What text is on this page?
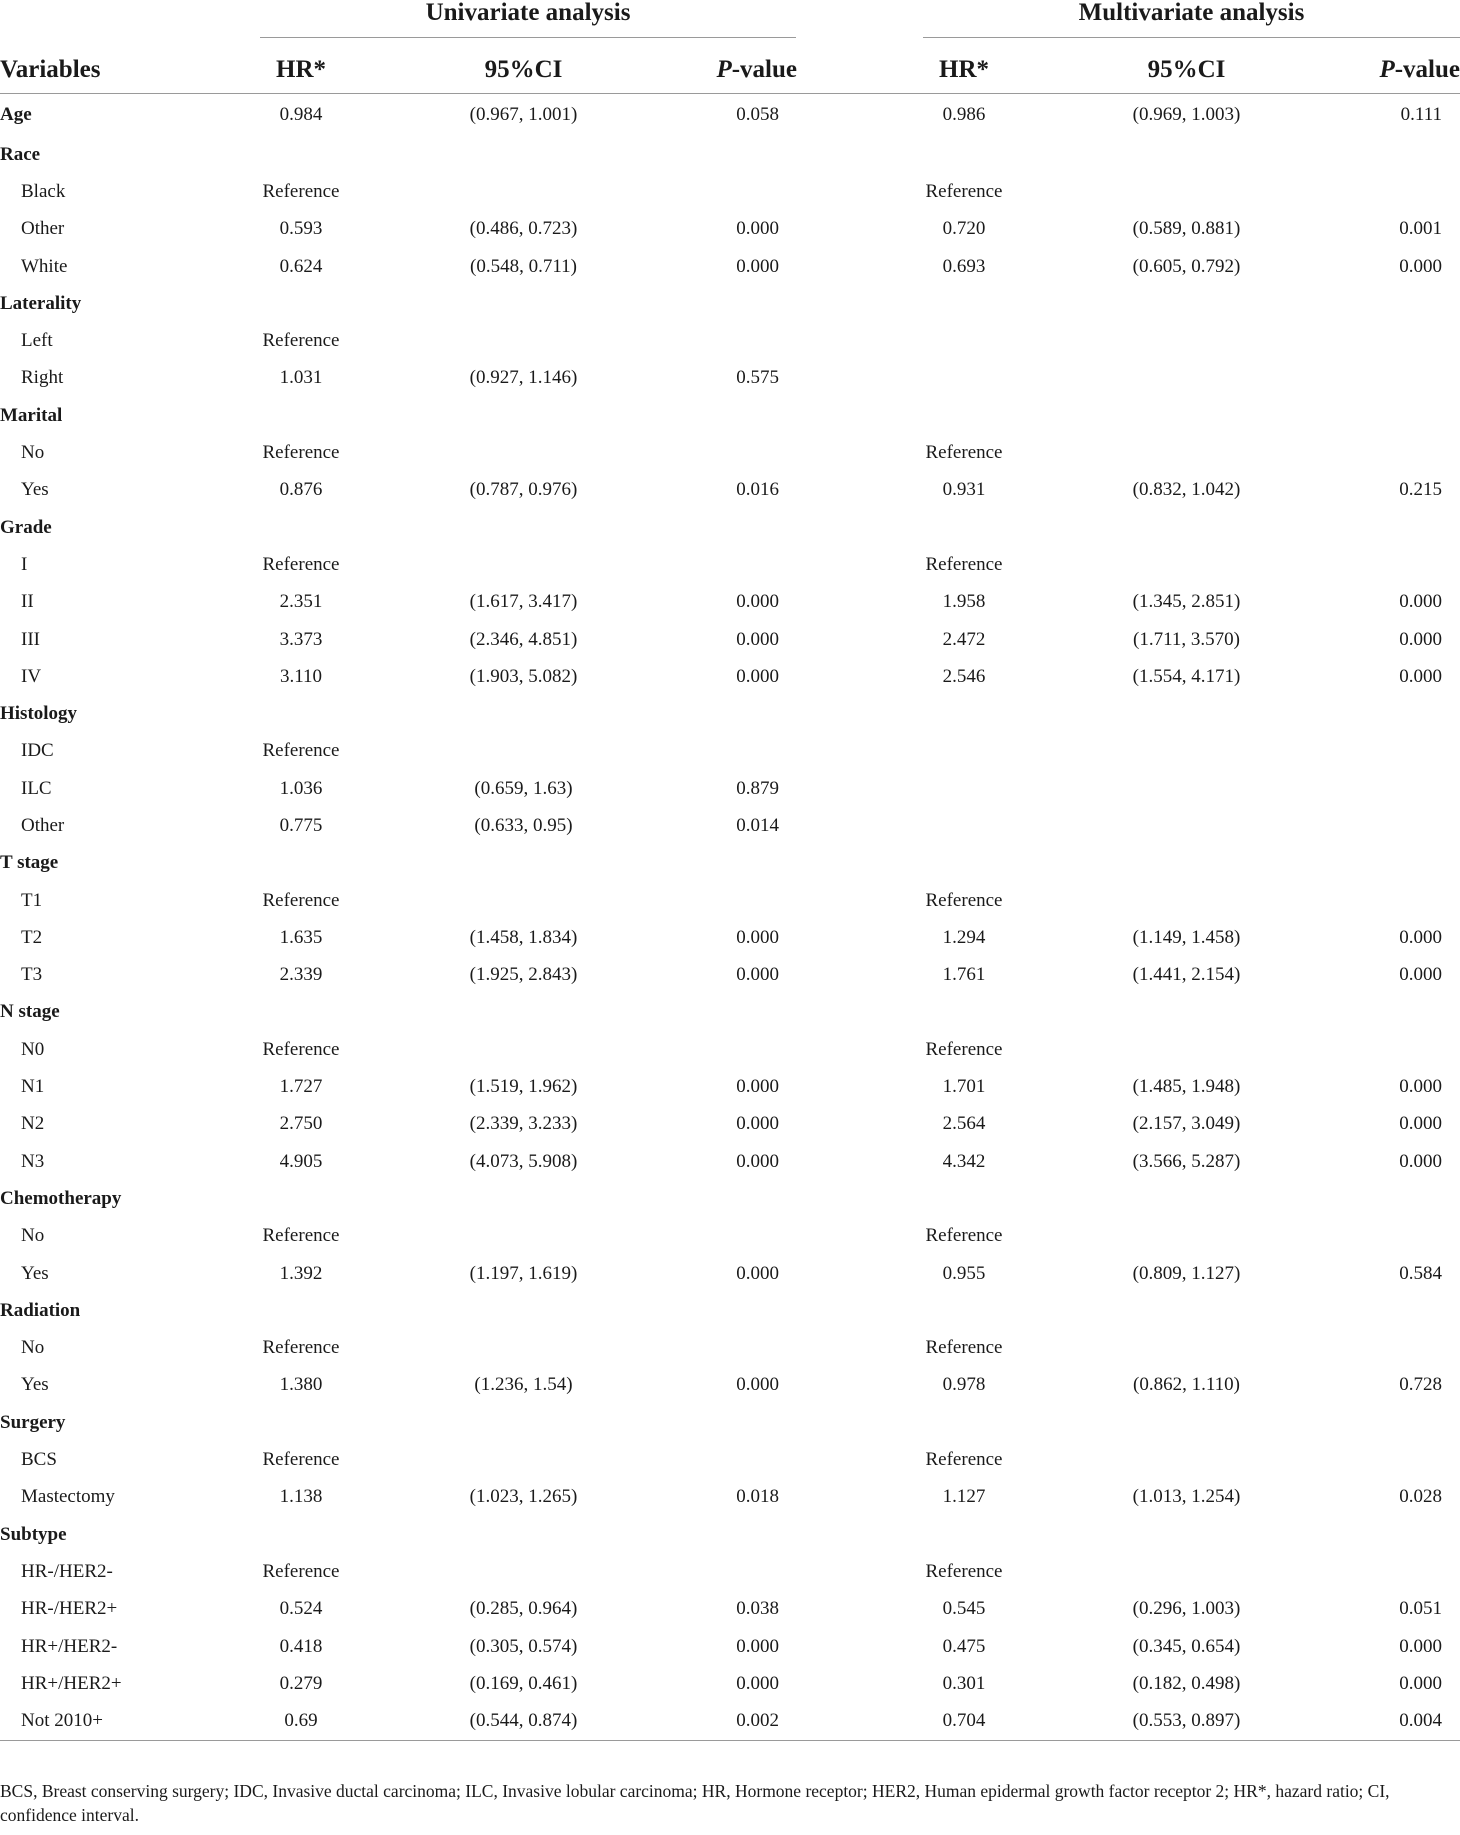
Univariate analysis	Multivariate analysis
Variables	HR*	95%CI	P-value		HR*	95%CI	P-value
Age	0.984	(0.967, 1.001)	0.058		0.986	(0.969, 1.003)	0.111
Race							
Black	Reference				Reference		
Other	0.593	(0.486, 0.723)	0.000		0.720	(0.589, 0.881)	0.001
White	0.624	(0.548, 0.711)	0.000		0.693	(0.605, 0.792)	0.000
Laterality							
Left	Reference						
Right	1.031	(0.927, 1.146)	0.575				
Marital							
No	Reference				Reference		
Yes	0.876	(0.787, 0.976)	0.016		0.931	(0.832, 1.042)	0.215
Grade							
I	Reference				Reference		
II	2.351	(1.617, 3.417)	0.000		1.958	(1.345, 2.851)	0.000
III	3.373	(2.346, 4.851)	0.000		2.472	(1.711, 3.570)	0.000
IV	3.110	(1.903, 5.082)	0.000		2.546	(1.554, 4.171)	0.000
Histology							
IDC	Reference						
ILC	1.036	(0.659, 1.63)	0.879				
Other	0.775	(0.633, 0.95)	0.014				
T stage							
T1	Reference				Reference		
T2	1.635	(1.458, 1.834)	0.000		1.294	(1.149, 1.458)	0.000
T3	2.339	(1.925, 2.843)	0.000		1.761	(1.441, 2.154)	0.000
N stage							
N0	Reference				Reference		
N1	1.727	(1.519, 1.962)	0.000		1.701	(1.485, 1.948)	0.000
N2	2.750	(2.339, 3.233)	0.000		2.564	(2.157, 3.049)	0.000
N3	4.905	(4.073, 5.908)	0.000		4.342	(3.566, 5.287)	0.000
Chemotherapy							
No	Reference				Reference		
Yes	1.392	(1.197, 1.619)	0.000		0.955	(0.809, 1.127)	0.584
Radiation							
No	Reference				Reference		
Yes	1.380	(1.236, 1.54)	0.000		0.978	(0.862, 1.110)	0.728
Surgery							
BCS	Reference				Reference		
Mastectomy	1.138	(1.023, 1.265)	0.018		1.127	(1.013, 1.254)	0.028
Subtype							
HR-/HER2-	Reference				Reference		
HR-/HER2+	0.524	(0.285, 0.964)	0.038		0.545	(0.296, 1.003)	0.051
HR+/HER2-	0.418	(0.305, 0.574)	0.000		0.475	(0.345, 0.654)	0.000
HR+/HER2+	0.279	(0.169, 0.461)	0.000		0.301	(0.182, 0.498)	0.000
Not 2010+	0.69	(0.544, 0.874)	0.002		0.704	(0.553, 0.897)	0.004
BCS, Breast conserving surgery; IDC, Invasive ductal carcinoma; ILC, Invasive lobular carcinoma; HR, Hormone receptor; HER2, Human epidermal growth factor receptor 2; HR*, hazard ratio; CI, confidence interval.
